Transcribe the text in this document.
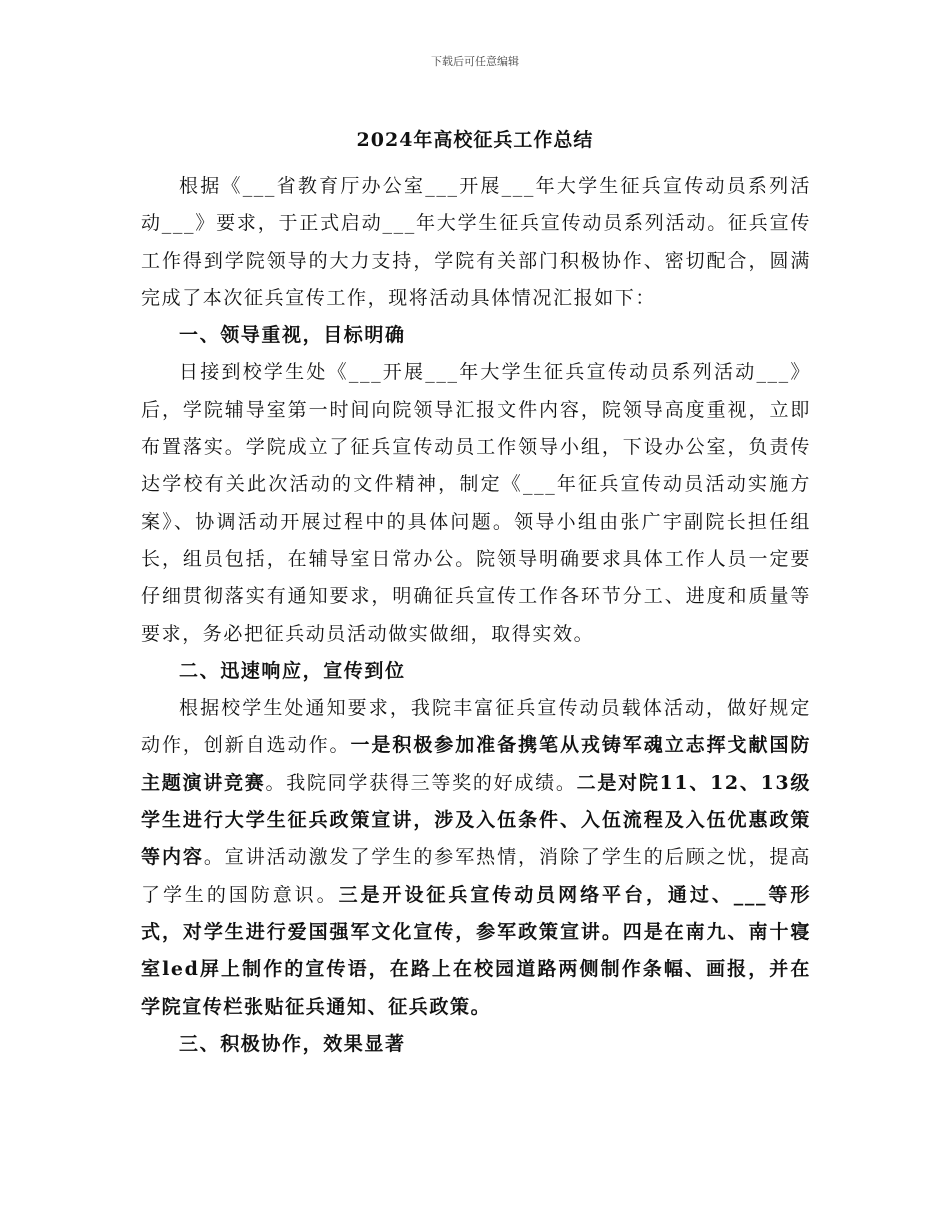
下载后可任意编辑
2024年高校征兵工作总结

根据《___省教育厅办公室___开展___年大学生征兵宣传动员系列活动___》要求，于正式启动___年大学生征兵宣传动员系列活动。征兵宣传工作得到学院领导的大力支持，学院有关部门积极协作、密切配合，圆满完成了本次征兵宣传工作，现将活动具体情况汇报如下：

一、领导重视，目标明确

日接到校学生处《___开展___年大学生征兵宣传动员系列活动___》后，学院辅导室第一时间向院领导汇报文件内容，院领导高度重视，立即布置落实。学院成立了征兵宣传动员工作领导小组，下设办公室，负责传达学校有关此次活动的文件精神，制定《___年征兵宣传动员活动实施方案》、协调活动开展过程中的具体问题。领导小组由张广宇副院长担任组长，组员包括，在辅导室日常办公。院领导明确要求具体工作人员一定要仔细贯彻落实有通知要求，明确征兵宣传工作各环节分工、进度和质量等要求，务必把征兵动员活动做实做细，取得实效。

二、迅速响应，宣传到位

根据校学生处通知要求，我院丰富征兵宣传动员载体活动，做好规定动作，创新自选动作。一是积极参加准备携笔从戎铸军魂立志挥戈献国防主题演讲竞赛。我院同学获得三等奖的好成绩。二是对院11、12、13级学生进行大学生征兵政策宣讲，涉及入伍条件、入伍流程及入伍优惠政策等内容。宣讲活动激发了学生的参军热情，消除了学生的后顾之忧，提高了学生的国防意识。三是开设征兵宣传动员网络平台，通过、___等形式，对学生进行爱国强军文化宣传，参军政策宣讲。四是在南九、南十寝室led屏上制作的宣传语，在路上在校园道路两侧制作条幅、画报，并在学院宣传栏张贴征兵通知、征兵政策。

三、积极协作，效果显著
